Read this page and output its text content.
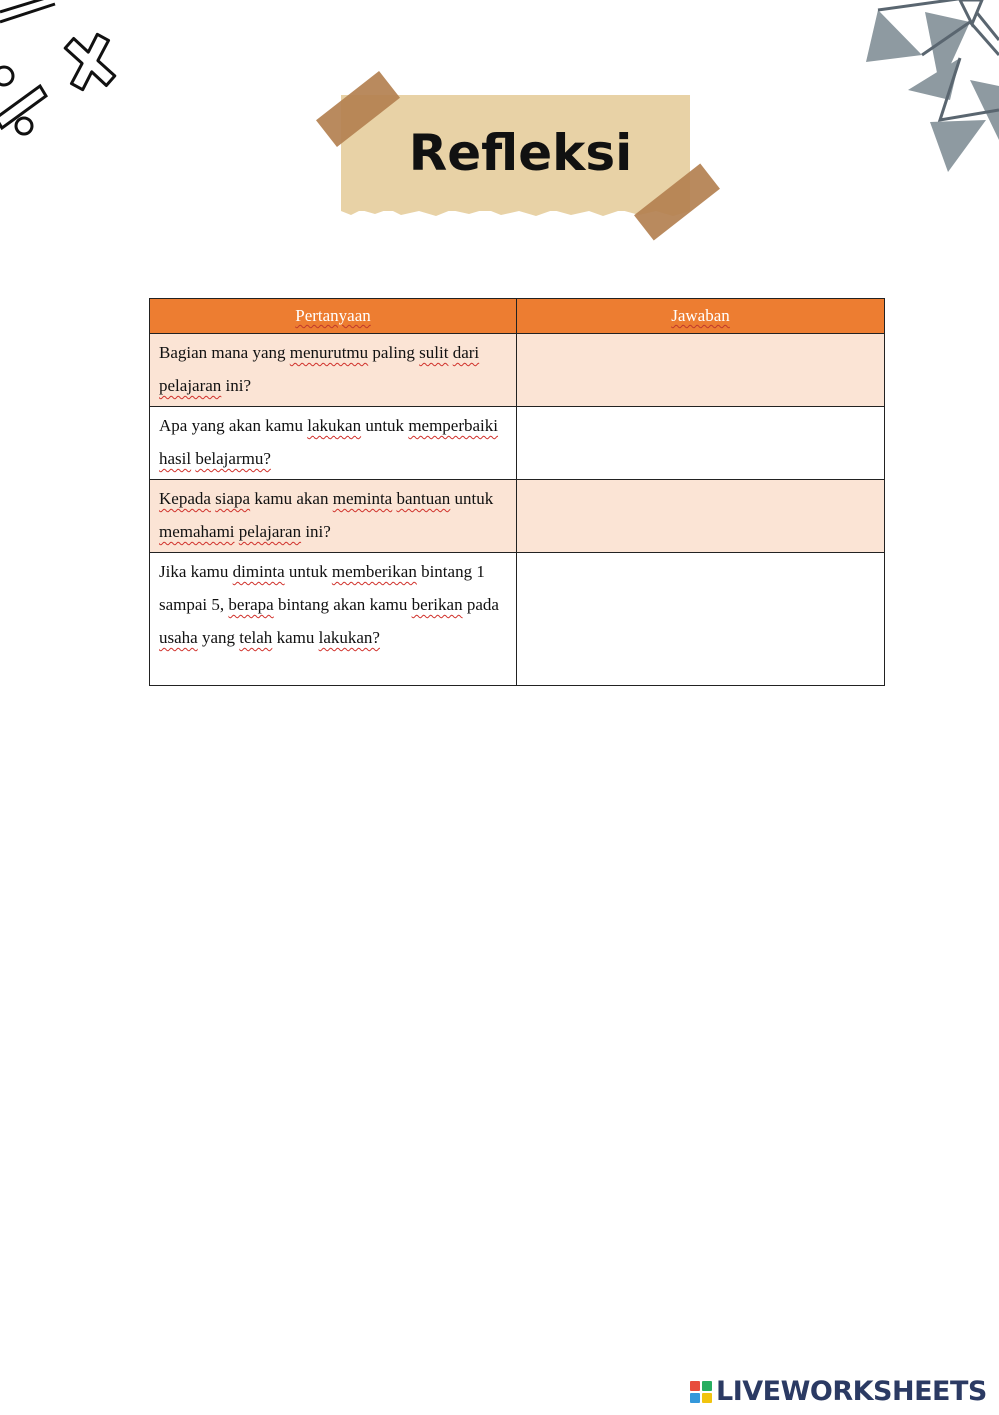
Refleksi
Pertanyaan	Jawaban
Bagian mana yang menurutmu paling sulit dari pelajaran ini?	
Apa yang akan kamu lakukan untuk memperbaiki hasil belajarmu?	
Kepada siapa kamu akan meminta bantuan untuk memahami pelajaran ini?	
Jika kamu diminta untuk memberikan bintang 1 sampai 5, berapa bintang akan kamu berikan pada usaha yang telah kamu lakukan?	
LIVEWORKSHEETS
